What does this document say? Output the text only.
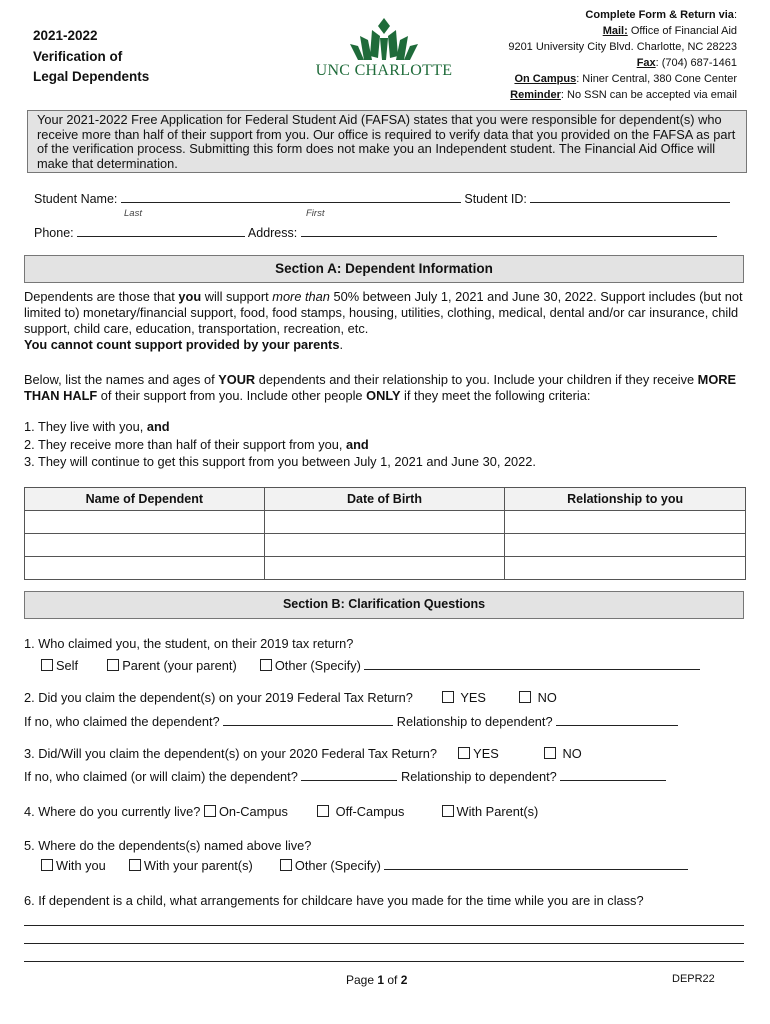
2021-2022
Verification of
Legal Dependents	UNC CHARLOTTE
Complete Form & Return via:
Mail: Office of Financial Aid
9201 University City Blvd. Charlotte, NC 28223
Fax: (704) 687-1461
On Campus: Niner Central, 380 Cone Center
Reminder: No SSN can be accepted via email
Your 2021-2022 Free Application for Federal Student Aid (FAFSA) states that you were responsible for dependent(s) who receive more than half of their support from you. Our office is required to verify data that you provided on the FAFSA as part of the verification process. Submitting this form does not make you an Independent student. The Financial Aid Office will make that determination.
Student Name:	Student ID:
Last	First
Phone:	Address:
Section A: Dependent Information
Dependents are those that you will support more than 50% between July 1, 2021 and June 30, 2022. Support includes (but not limited to) monetary/financial support, food, food stamps, housing, utilities, clothing, medical, dental and/or car insurance, child support, child care, education, transportation, recreation, etc.
You cannot count support provided by your parents.
Below, list the names and ages of YOUR dependents and their relationship to you. Include your children if they receive MORE THAN HALF of their support from you. Include other people ONLY if they meet the following criteria:
1. They live with you, and
2. They receive more than half of their support from you, and
3. They will continue to get this support from you between July 1, 2021 and June 30, 2022.
Name of Dependent	Date of Birth	Relationship to you

Section B: Clarification Questions
1. Who claimed you, the student, on their 2019 tax return?
Self	Parent (your parent)	Other (Specify)
2. Did you claim the dependent(s) on your 2019 Federal Tax Return?	YES	NO
If no, who claimed the dependent?	Relationship to dependent?
3. Did/Will you claim the dependent(s) on your 2020 Federal Tax Return?	YES	NO
If no, who claimed (or will claim) the dependent?	Relationship to dependent?
4. Where do you currently live? On-Campus	Off-Campus	With Parent(s)
5. Where do the dependents(s) named above live?
With you	With your parent(s)	Other (Specify)
6. If dependent is a child, what arrangements for childcare have you made for the time while you are in class?
Page 1 of 2	DEPR22
